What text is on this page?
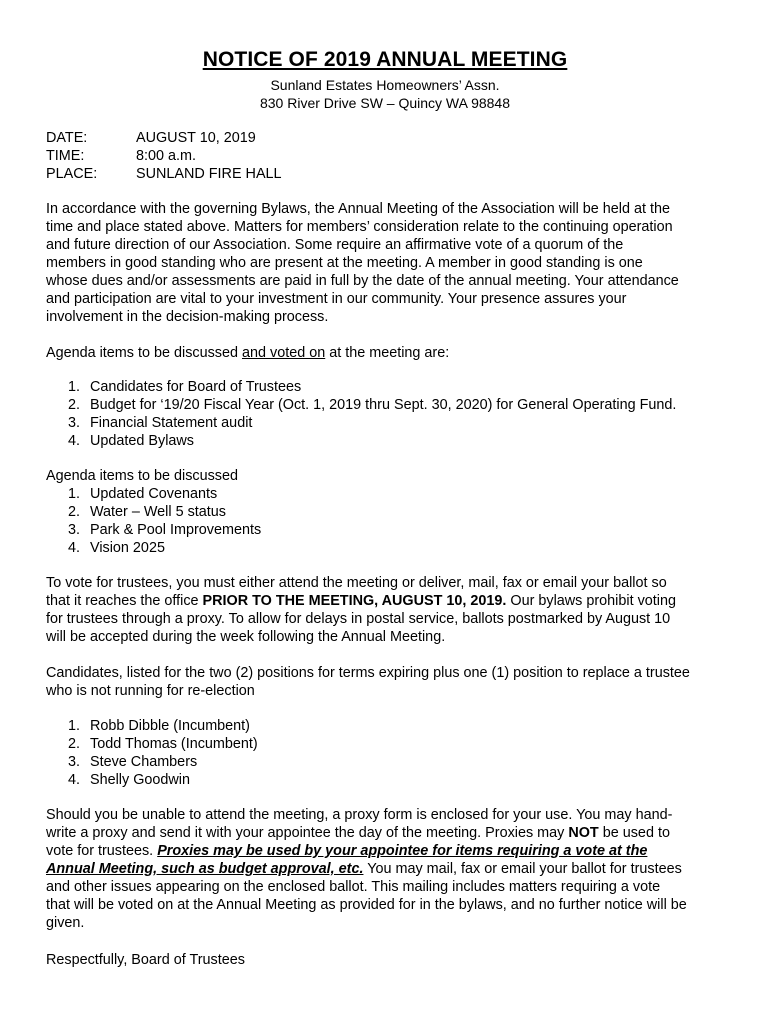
NOTICE OF 2019 ANNUAL MEETING
Sunland Estates Homeowners’ Assn.
830 River Drive SW – Quincy WA 98848
DATE:	AUGUST 10, 2019
TIME:	8:00 a.m.
PLACE:	SUNLAND FIRE HALL
In accordance with the governing Bylaws, the Annual Meeting of the Association will be held at the
time and place stated above. Matters for members’ consideration relate to the continuing operation
and future direction of our Association. Some require an affirmative vote of a quorum of the
members in good standing who are present at the meeting. A member in good standing is one
whose dues and/or assessments are paid in full by the date of the annual meeting. Your attendance
and participation are vital to your investment in our community. Your presence assures your
involvement in the decision-making process.
Agenda items to be discussed and voted on at the meeting are:
1. Candidates for Board of Trustees
2. Budget for ‘19/20 Fiscal Year (Oct. 1, 2019 thru Sept. 30, 2020) for General Operating Fund.
3. Financial Statement audit
4. Updated Bylaws
Agenda items to be discussed
1. Updated Covenants
2. Water – Well 5 status
3. Park & Pool Improvements
4. Vision 2025
To vote for trustees, you must either attend the meeting or deliver, mail, fax or email your ballot so
that it reaches the office PRIOR TO THE MEETING, AUGUST 10, 2019. Our bylaws prohibit voting
for trustees through a proxy. To allow for delays in postal service, ballots postmarked by August 10
will be accepted during the week following the Annual Meeting.
Candidates, listed for the two (2) positions for terms expiring plus one (1) position to replace a trustee
who is not running for re-election
1. Robb Dibble (Incumbent)
2. Todd Thomas (Incumbent)
3. Steve Chambers
4. Shelly Goodwin
Should you be unable to attend the meeting, a proxy form is enclosed for your use. You may hand-
write a proxy and send it with your appointee the day of the meeting. Proxies may NOT be used to
vote for trustees. Proxies may be used by your appointee for items requiring a vote at the
Annual Meeting, such as budget approval, etc. You may mail, fax or email your ballot for trustees
and other issues appearing on the enclosed ballot. This mailing includes matters requiring a vote
that will be voted on at the Annual Meeting as provided for in the bylaws, and no further notice will be
given.
Respectfully, Board of Trustees
